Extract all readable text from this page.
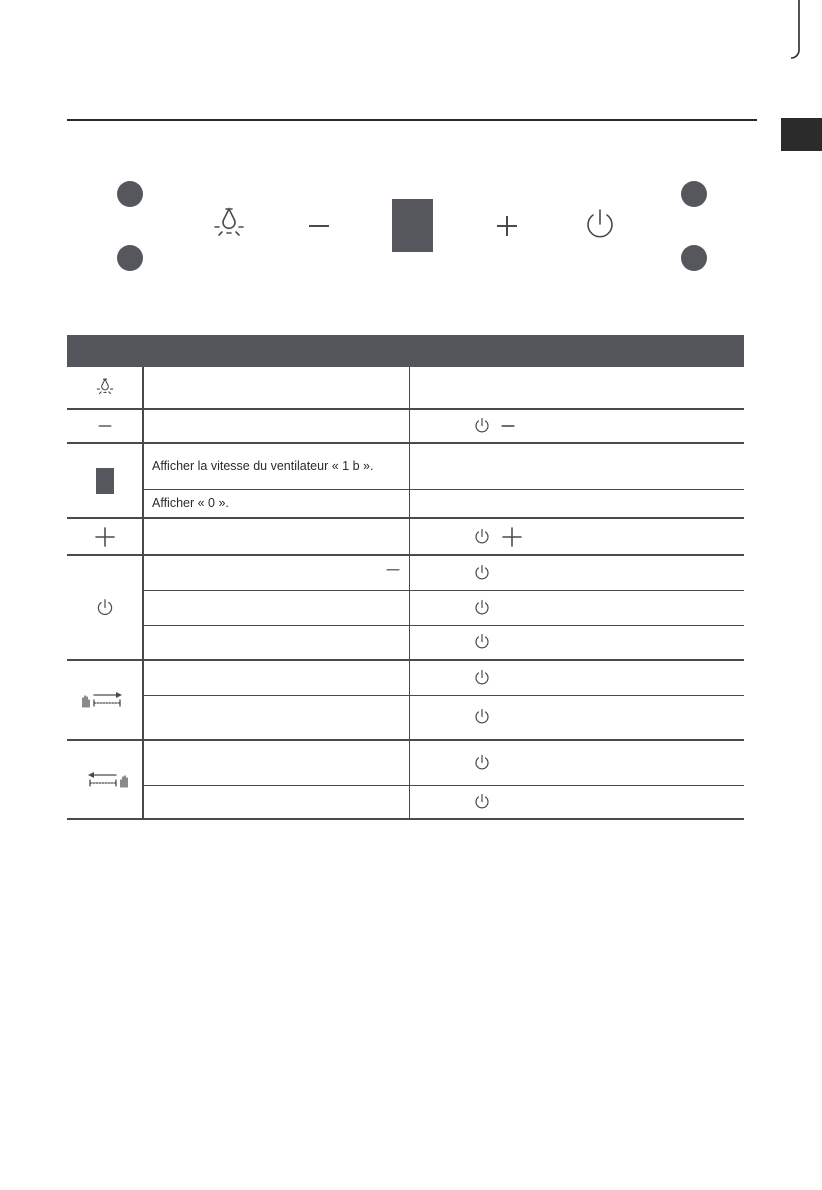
	Afficher la vitesse du ventilateur « 1 b ».	
	Afficher « 0 ».	
